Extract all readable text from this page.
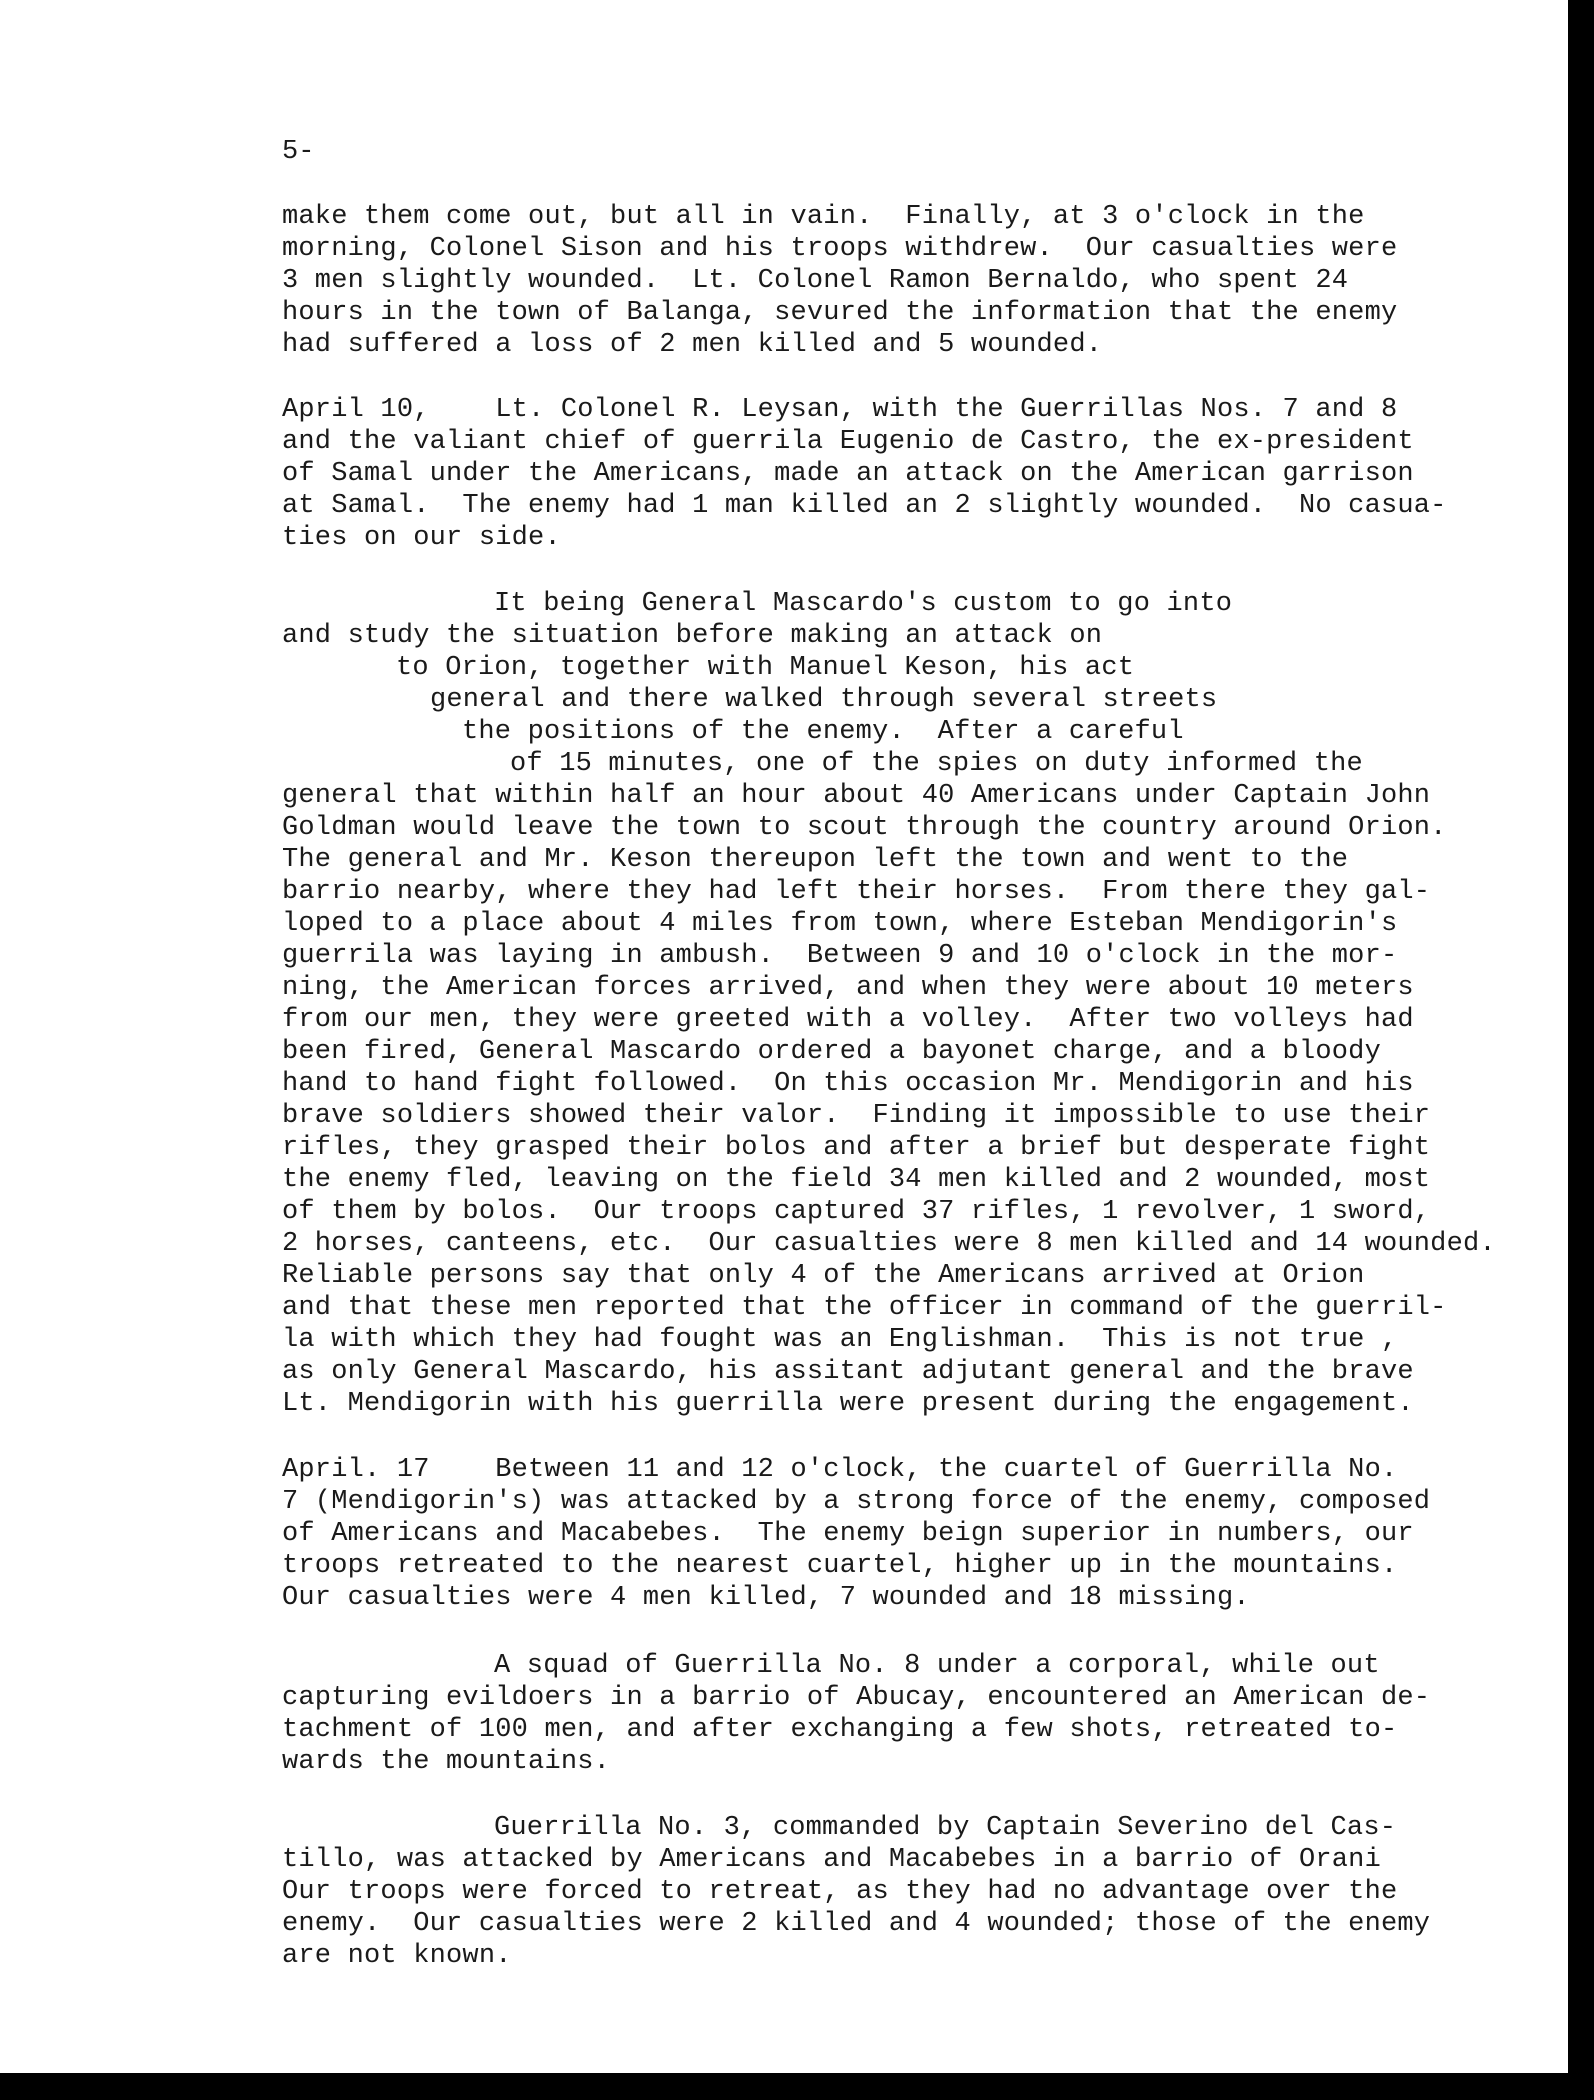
5-
make them come out, but all in vain.  Finally, at 3 o'clock in the
morning, Colonel Sison and his troops withdrew.  Our casualties were
3 men slightly wounded.  Lt. Colonel Ramon Bernaldo, who spent 24
hours in the town of Balanga, sevured the information that the enemy
had suffered a loss of 2 men killed and 5 wounded.
April 10,    Lt. Colonel R. Leysan, with the Guerrillas Nos. 7 and 8
and the valiant chief of guerrila Eugenio de Castro, the ex-president
of Samal under the Americans, made an attack on the American garrison
at Samal.  The enemy had 1 man killed an 2 slightly wounded.  No casua-
ties on our side.
It being General Mascardo's custom to go into
and study the situation before making an attack on
to Orion, together with Manuel Keson, his act
general and there walked through several streets
the positions of the enemy.  After a careful
of 15 minutes, one of the spies on duty informed the
general that within half an hour about 40 Americans under Captain John
Goldman would leave the town to scout through the country around Orion.
The general and Mr. Keson thereupon left the town and went to the
barrio nearby, where they had left their horses.  From there they gal-
loped to a place about 4 miles from town, where Esteban Mendigorin's
guerrila was laying in ambush.  Between 9 and 10 o'clock in the mor-
ning, the American forces arrived, and when they were about 10 meters
from our men, they were greeted with a volley.  After two volleys had
been fired, General Mascardo ordered a bayonet charge, and a bloody
hand to hand fight followed.  On this occasion Mr. Mendigorin and his
brave soldiers showed their valor.  Finding it impossible to use their
rifles, they grasped their bolos and after a brief but desperate fight
the enemy fled, leaving on the field 34 men killed and 2 wounded, most
of them by bolos.  Our troops captured 37 rifles, 1 revolver, 1 sword,
2 horses, canteens, etc.  Our casualties were 8 men killed and 14 wounded.
Reliable persons say that only 4 of the Americans arrived at Orion
and that these men reported that the officer in command of the guerril-
la with which they had fought was an Englishman.  This is not true ,
as only General Mascardo, his assitant adjutant general and the brave
Lt. Mendigorin with his guerrilla were present during the engagement.
April. 17    Between 11 and 12 o'clock, the cuartel of Guerrilla No.
7 (Mendigorin's) was attacked by a strong force of the enemy, composed
of Americans and Macabebes.  The enemy beign superior in numbers, our
troops retreated to the nearest cuartel, higher up in the mountains.
Our casualties were 4 men killed, 7 wounded and 18 missing.
A squad of Guerrilla No. 8 under a corporal, while out
capturing evildoers in a barrio of Abucay, encountered an American de-
tachment of 100 men, and after exchanging a few shots, retreated to-
wards the mountains.
Guerrilla No. 3, commanded by Captain Severino del Cas-
tillo, was attacked by Americans and Macabebes in a barrio of Orani
Our troops were forced to retreat, as they had no advantage over the
enemy.  Our casualties were 2 killed and 4 wounded; those of the enemy
are not known.
